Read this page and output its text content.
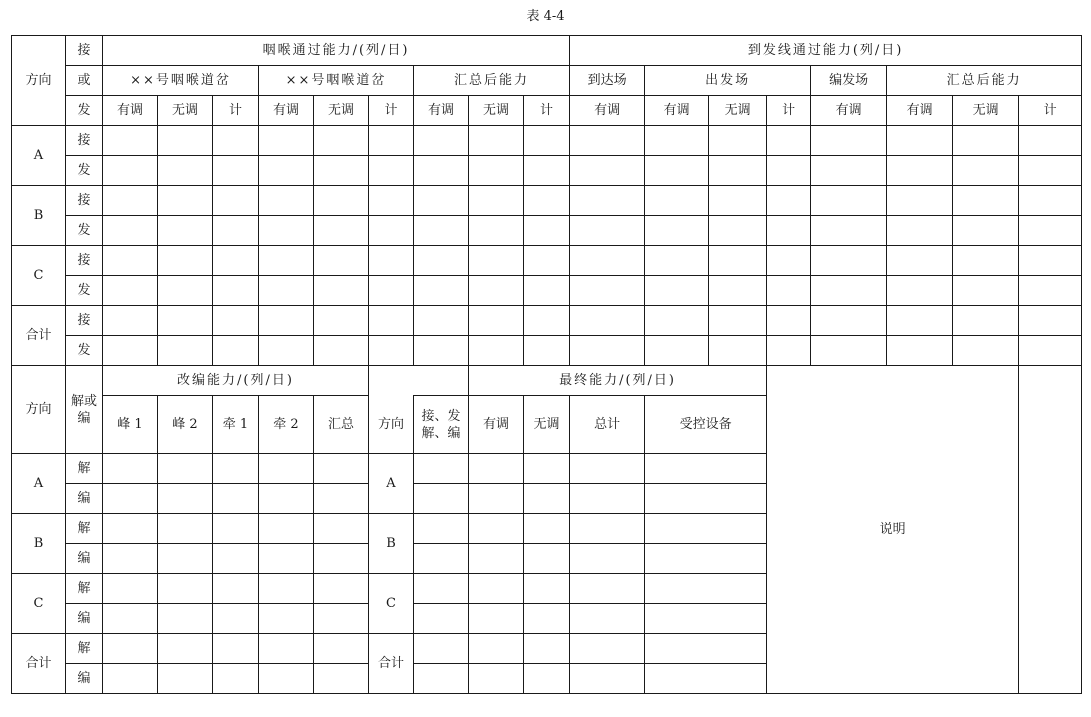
表 4-4
方向	接	咽喉通过能力/(列/日)									到发线通过能力(列/日)							
	或	××号咽喉道岔			××号咽喉道岔			汇总后能力			到达场	出发场			编发场	汇总后能力		
	发	有调	无调	计	有调	无调	计	有调	无调	计	有调	有调	无调	计	有调	有调	无调	计
A	接																	
	发																	
B	接																	
	发																	
C	接																	
	发																	
合计	接																	
	发																	
方向	解或编	改编能力/(列/日)							最终能力/(列/日)					说明				
		峰 1	峰 2	牵 1	牵 2	汇总	方向	接、发解、编	有调	无调	总计	受控设备						
A	解						A											
	编																	
B	解						B											
	编																	
C	解						C											
	编																	
合计	解						合计											
	编																	
